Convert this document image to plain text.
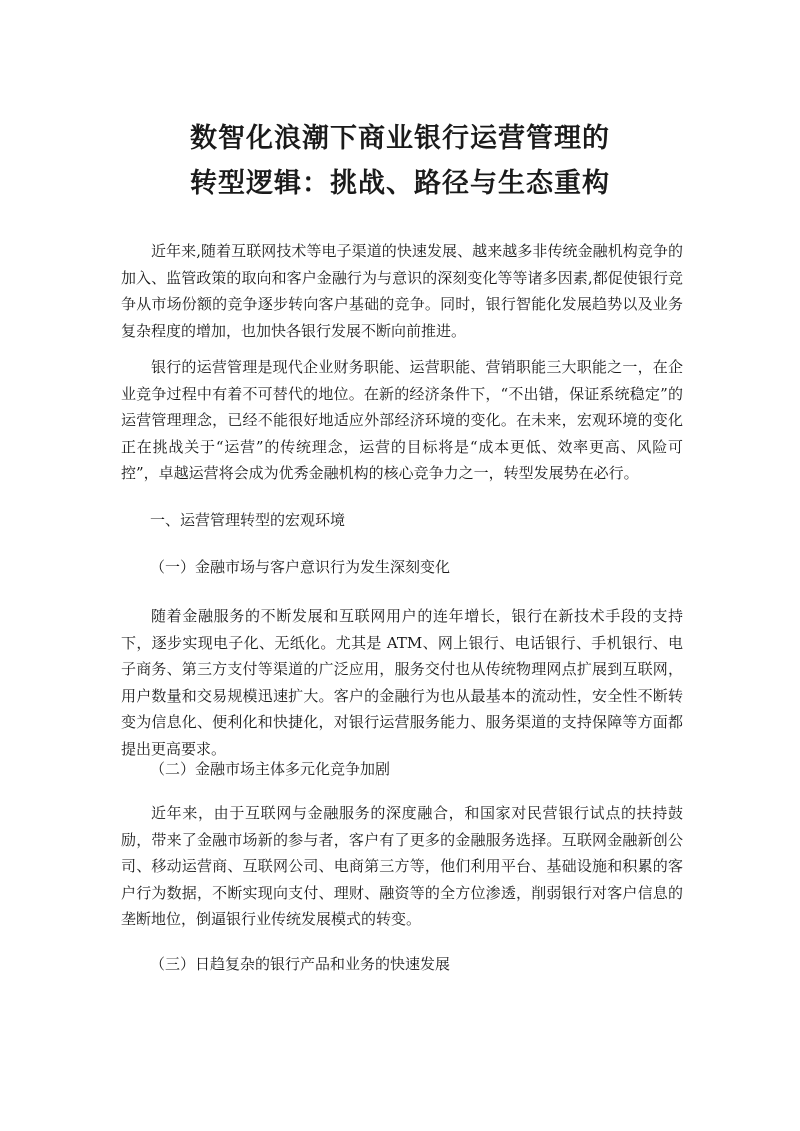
数智化浪潮下商业银行运营管理的
转型逻辑：挑战、路径与生态重构

近年来,随着互联网技术等电子渠道的快速发展、越来越多非传统金融机构竞争的加入、监管政策的取向和客户金融行为与意识的深刻变化等等诸多因素,都促使银行竞争从市场份额的竞争逐步转向客户基础的竞争。同时，银行智能化发展趋势以及业务复杂程度的增加，也加快各银行发展不断向前推进。

银行的运营管理是现代企业财务职能、运营职能、营销职能三大职能之一，在企业竞争过程中有着不可替代的地位。在新的经济条件下，“不出错，保证系统稳定”的运营管理理念，已经不能很好地适应外部经济环境的变化。在未来，宏观环境的变化正在挑战关于“运营”的传统理念，运营的目标将是“成本更低、效率更高、风险可控”，卓越运营将会成为优秀金融机构的核心竞争力之一，转型发展势在必行。

一、运营管理转型的宏观环境

（一）金融市场与客户意识行为发生深刻变化

随着金融服务的不断发展和互联网用户的连年增长，银行在新技术手段的支持下，逐步实现电子化、无纸化。尤其是 ATM、网上银行、电话银行、手机银行、电子商务、第三方支付等渠道的广泛应用，服务交付也从传统物理网点扩展到互联网，用户数量和交易规模迅速扩大。客户的金融行为也从最基本的流动性，安全性不断转变为信息化、便利化和快捷化，对银行运营服务能力、服务渠道的支持保障等方面都提出更高要求。

（二）金融市场主体多元化竞争加剧

近年来，由于互联网与金融服务的深度融合，和国家对民营银行试点的扶持鼓励，带来了金融市场新的参与者，客户有了更多的金融服务选择。互联网金融新创公司、移动运营商、互联网公司、电商第三方等，他们利用平台、基础设施和积累的客户行为数据，不断实现向支付、理财、融资等的全方位渗透，削弱银行对客户信息的垄断地位，倒逼银行业传统发展模式的转变。

（三）日趋复杂的银行产品和业务的快速发展
